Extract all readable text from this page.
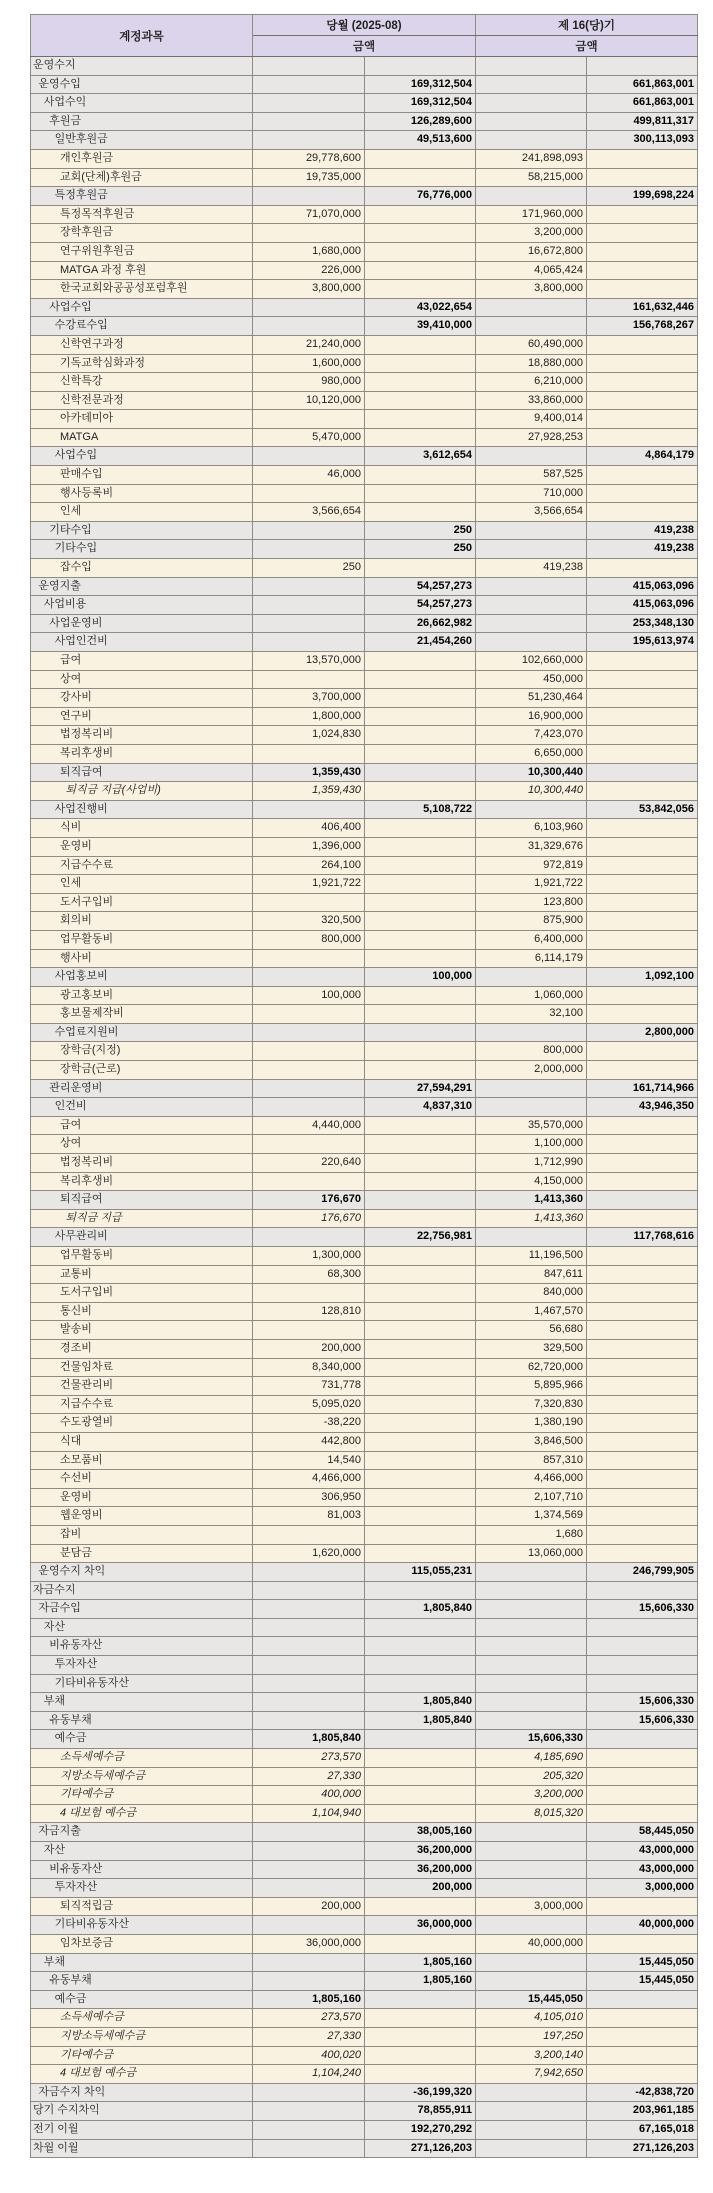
계정과목	당월 (2025-08)		제 16(당)기	
	금액		금액	
운영수지				
운영수입		169,312,504		661,863,001
사업수익		169,312,504		661,863,001
후원금		126,289,600		499,811,317
일반후원금		49,513,600		300,113,093
개인후원금	29,778,600		241,898,093	
교회(단체)후원금	19,735,000		58,215,000	
특정후원금		76,776,000		199,698,224
특정목적후원금	71,070,000		171,960,000	
장학후원금			3,200,000	
연구위원후원금	1,680,000		16,672,800	
MATGA 과정 후원	226,000		4,065,424	
한국교회와공공성포럼후원	3,800,000		3,800,000	
사업수입		43,022,654		161,632,446
수강료수입		39,410,000		156,768,267
신학연구과정	21,240,000		60,490,000	
기독교학심화과정	1,600,000		18,880,000	
신학특강	980,000		6,210,000	
신학전문과정	10,120,000		33,860,000	
아카데미아			9,400,014	
MATGA	5,470,000		27,928,253	
사업수입		3,612,654		4,864,179
판매수입	46,000		587,525	
행사등록비			710,000	
인세	3,566,654		3,566,654	
기타수입		250		419,238
기타수입		250		419,238
잡수입	250		419,238	
운영지출		54,257,273		415,063,096
사업비용		54,257,273		415,063,096
사업운영비		26,662,982		253,348,130
사업인건비		21,454,260		195,613,974
급여	13,570,000		102,660,000	
상여			450,000	
강사비	3,700,000		51,230,464	
연구비	1,800,000		16,900,000	
법정복리비	1,024,830		7,423,070	
복리후생비			6,650,000	
퇴직급여	1,359,430		10,300,440	
퇴직금 지급(사업비)	1,359,430		10,300,440	
사업진행비		5,108,722		53,842,056
식비	406,400		6,103,960	
운영비	1,396,000		31,329,676	
지급수수료	264,100		972,819	
인세	1,921,722		1,921,722	
도서구입비			123,800	
회의비	320,500		875,900	
업무활동비	800,000		6,400,000	
행사비			6,114,179	
사업홍보비		100,000		1,092,100
광고홍보비	100,000		1,060,000	
홍보물제작비			32,100	
수업료지원비				2,800,000
장학금(지정)			800,000	
장학금(근로)			2,000,000	
관리운영비		27,594,291		161,714,966
인건비		4,837,310		43,946,350
급여	4,440,000		35,570,000	
상여			1,100,000	
법정복리비	220,640		1,712,990	
복리후생비			4,150,000	
퇴직급여	176,670		1,413,360	
퇴직금 지급	176,670		1,413,360	
사무관리비		22,756,981		117,768,616
업무활동비	1,300,000		11,196,500	
교통비	68,300		847,611	
도서구입비			840,000	
통신비	128,810		1,467,570	
발송비			56,680	
경조비	200,000		329,500	
건물임차료	8,340,000		62,720,000	
건물관리비	731,778		5,895,966	
지급수수료	5,095,020		7,320,830	
수도광열비	-38,220		1,380,190	
식대	442,800		3,846,500	
소모품비	14,540		857,310	
수선비	4,466,000		4,466,000	
운영비	306,950		2,107,710	
웹운영비	81,003		1,374,569	
잡비			1,680	
분담금	1,620,000		13,060,000	
운영수지 차익		115,055,231		246,799,905
자금수지				
자금수입		1,805,840		15,606,330
자산				
비유동자산				
투자자산				
기타비유동자산				
부채		1,805,840		15,606,330
유동부채		1,805,840		15,606,330
예수금	1,805,840		15,606,330	
소득세예수금	273,570		4,185,690	
지방소득세예수금	27,330		205,320	
기타예수금	400,000		3,200,000	
4 대보험 예수금	1,104,940		8,015,320	
자금지출		38,005,160		58,445,050
자산		36,200,000		43,000,000
비유동자산		36,200,000		43,000,000
투자자산		200,000		3,000,000
퇴직적립금	200,000		3,000,000	
기타비유동자산		36,000,000		40,000,000
임차보증금	36,000,000		40,000,000	
부채		1,805,160		15,445,050
유동부채		1,805,160		15,445,050
예수금	1,805,160		15,445,050	
소득세예수금	273,570		4,105,010	
지방소득세예수금	27,330		197,250	
기타예수금	400,020		3,200,140	
4 대보험 예수금	1,104,240		7,942,650	
자금수지 차익		-36,199,320		-42,838,720
당기 수지차익		78,855,911		203,961,185
전기 이월		192,270,292		67,165,018
차월 이월		271,126,203		271,126,203
